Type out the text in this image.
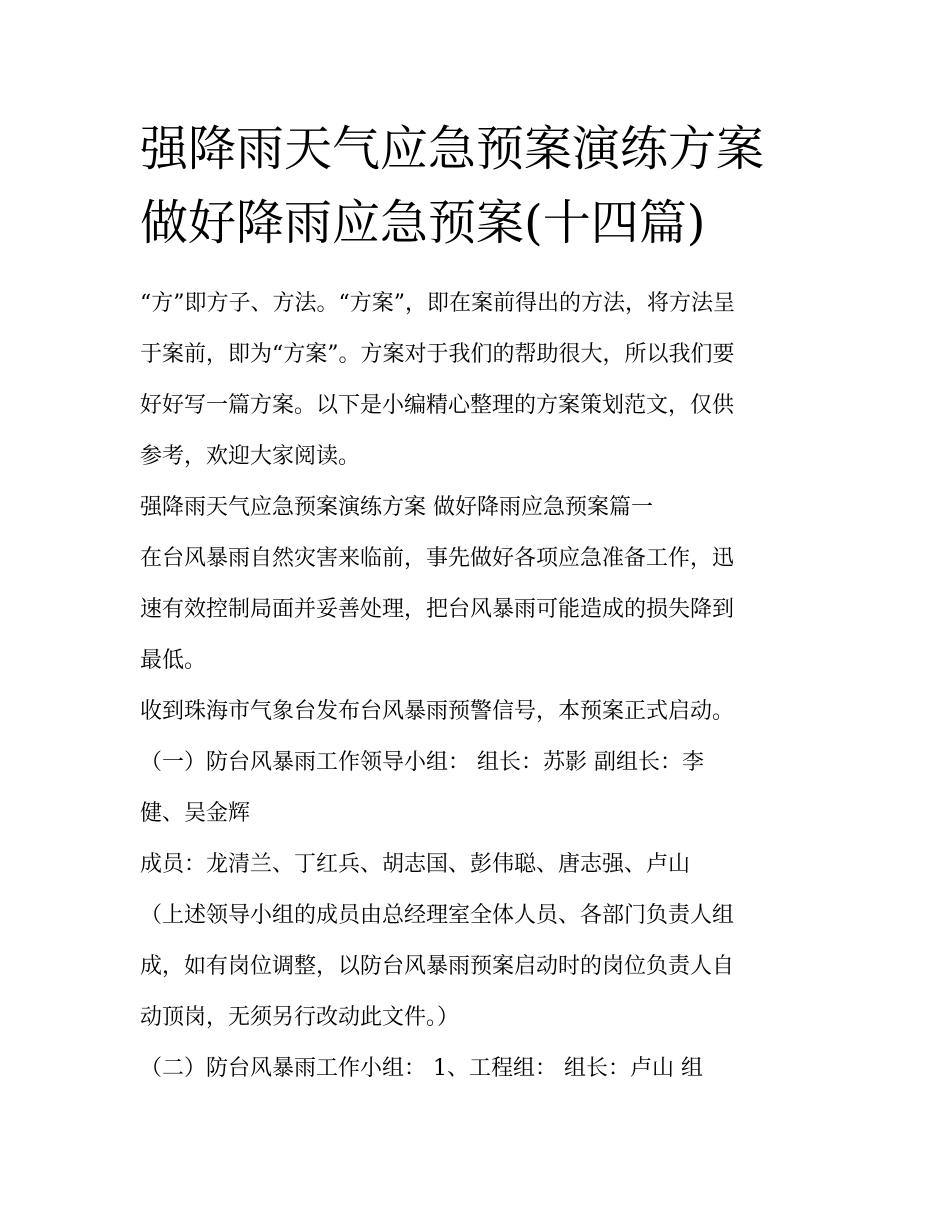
强降雨天气应急预案演练方案
做好降雨应急预案(十四篇)
“方”即方子、方法。“方案”，即在案前得出的方法，将方法呈
于案前，即为“方案”。方案对于我们的帮助很大，所以我们要
好好写一篇方案。以下是小编精心整理的方案策划范文，仅供
参考，欢迎大家阅读。
强降雨天气应急预案演练方案 做好降雨应急预案篇一
在台风暴雨自然灾害来临前，事先做好各项应急准备工作，迅
速有效控制局面并妥善处理，把台风暴雨可能造成的损失降到
最低。
收到珠海市气象台发布台风暴雨预警信号，本预案正式启动。
（一）防台风暴雨工作领导小组： 组长：苏影 副组长：李
健、吴金辉
成员：龙清兰、丁红兵、胡志国、彭伟聪、唐志强、卢山
（上述领导小组的成员由总经理室全体人员、各部门负责人组
成，如有岗位调整，以防台风暴雨预案启动时的岗位负责人自
动顶岗，无须另行改动此文件。）
（二）防台风暴雨工作小组： 1、工程组： 组长：卢山 组
